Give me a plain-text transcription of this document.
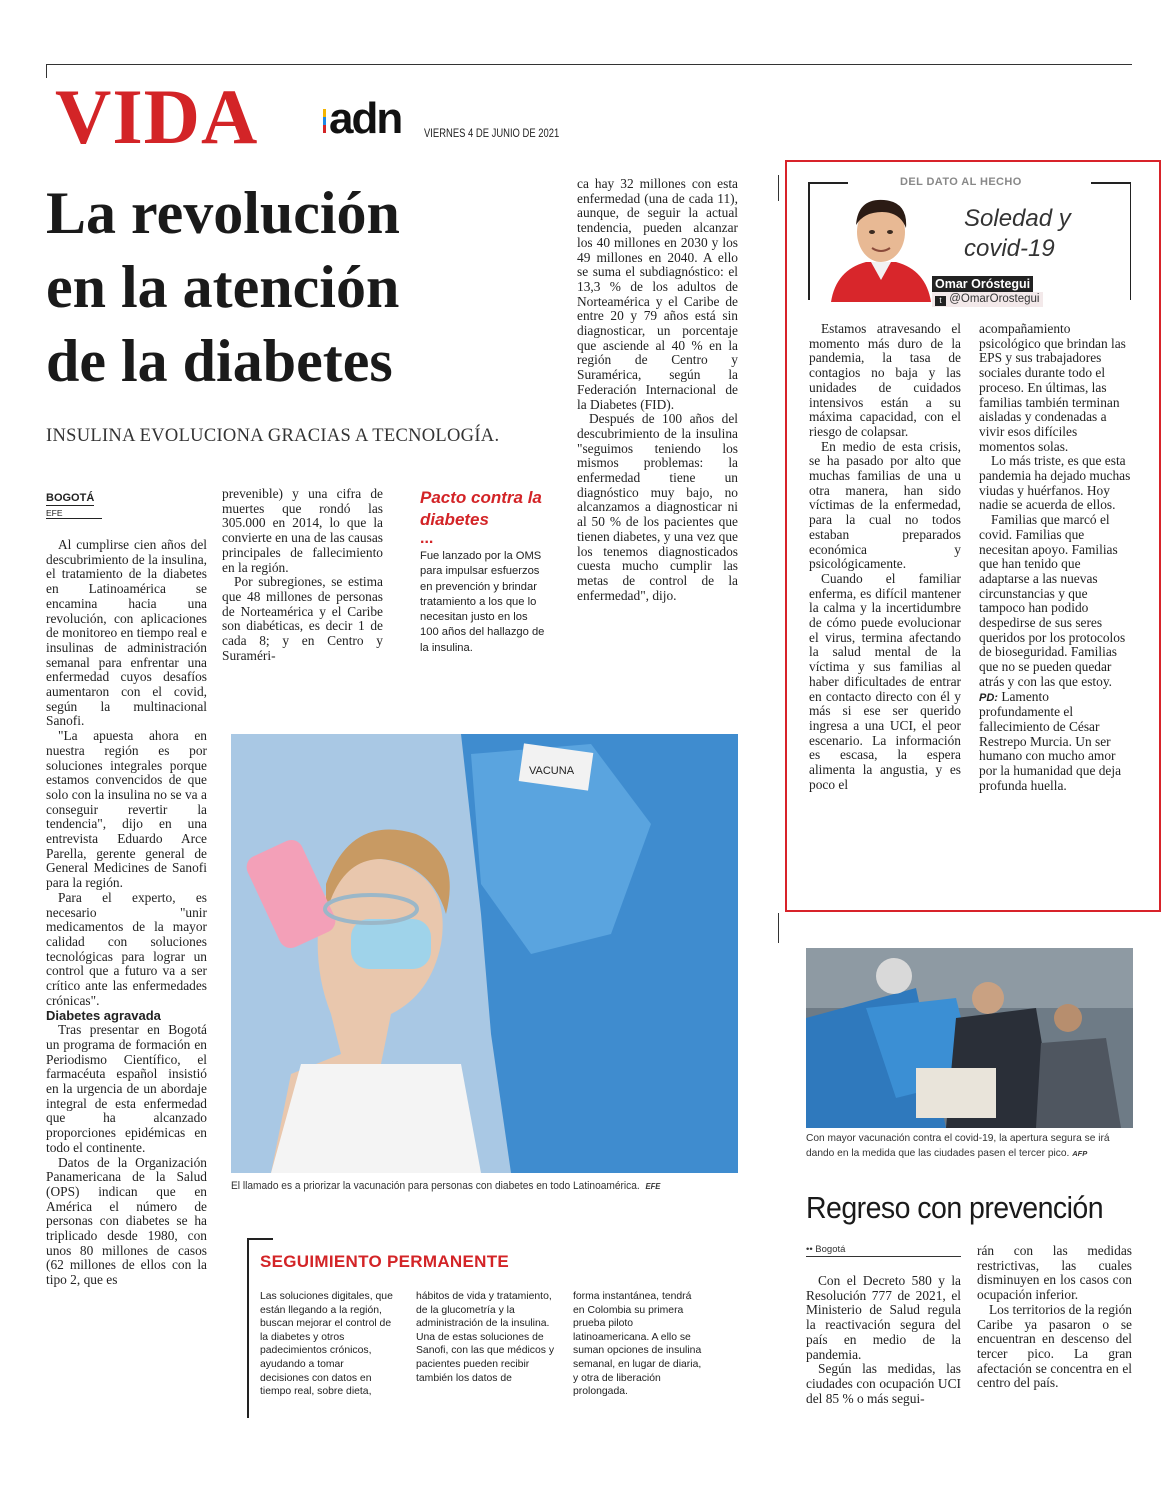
VIDA adn VIERNES 4 DE JUNIO DE 2021
La revolución
en la atención
de la diabetes
INSULINA EVOLUCIONA GRACIAS A TECNOLOGÍA.
BOGOTÁ
EFE

Al cumplirse cien años del descubrimiento de la insulina, el tratamiento de la diabetes en Latinoamérica se encamina hacia una revolución, con aplicaciones de monitoreo en tiempo real e insulinas de administración semanal para enfrentar una enfermedad cuyos desafíos aumentaron con el covid, según la multinacional Sanofi.

"La apuesta ahora en nuestra región es por soluciones integrales porque estamos convencidos de que solo con la insulina no se va a conseguir revertir la tendencia", dijo en una entrevista Eduardo Arce Parella, gerente general de General Medicines de Sanofi para la región.

Para el experto, es necesario "unir medicamentos de la mayor calidad con soluciones tecnológicas para lograr un control que a futuro va a ser crítico ante las enfermedades crónicas".

Diabetes agravada

Tras presentar en Bogotá un programa de formación en Periodismo Científico, el farmacéuta español insistió en la urgencia de un abordaje integral de esta enfermedad que ha alcanzado proporciones epidémicas en todo el continente.

Datos de la Organización Panamericana de la Salud (OPS) indican que en América el número de personas con diabetes se ha triplicado desde 1980, con unos 80 millones de casos (62 millones de ellos con la tipo 2, que es

prevenible) y una cifra de muertes que rondó las 305.000 en 2014, lo que la convierte en una de las causas principales de fallecimiento en la región.

Por subregiones, se estima que 48 millones de personas de Norteamérica y el Caribe son diabéticas, es decir 1 de cada 8; y en Centro y Suraméri-

Pacto contra la diabetes
...
Fue lanzado por la OMS para impulsar esfuerzos en prevención y brindar tratamiento a los que lo necesitan justo en los 100 años del hallazgo de la insulina.

ca hay 32 millones con esta enfermedad (una de cada 11), aunque, de seguir la actual tendencia, pueden alcanzar los 40 millones en 2030 y los 49 millones en 2040. A ello se suma el subdiagnóstico: el 13,3 % de los adultos de Norteamérica y el Caribe de entre 20 y 79 años está sin diagnosticar, un porcentaje que asciende al 40 % en la región de Centro y Suramérica, según la Federación Internacional de la Diabetes (FID).

Después de 100 años del descubrimiento de la insulina "seguimos teniendo los mismos problemas: la enfermedad tiene un diagnóstico muy bajo, no alcanzamos a diagnosticar ni al 50 % de los pacientes que tienen diabetes, y una vez que los tenemos diagnosticados cuesta mucho cumplir las metas de control de la enfermedad", dijo.

VACUNA
El llamado es a priorizar la vacunación para personas con diabetes en todo Latinoamérica. EFE
SEGUIMIENTO PERMANENTE
Las soluciones digitales, que están llegando a la región, buscan mejorar el control de la diabetes y otros padecimientos crónicos, ayudando a tomar decisiones con datos en tiempo real, sobre dieta,
hábitos de vida y tratamiento, de la glucometría y la administración de la insulina. Una de estas soluciones de Sanofi, con las que médicos y pacientes pueden recibir también los datos de
forma instantánea, tendrá en Colombia su primera prueba piloto latinoamericana. A ello se suman opciones de insulina semanal, en lugar de diaria, y otra de liberación prolongada.
DEL DATO AL HECHO
Soledad y
covid-19
Omar Oróstegui
t @OmarOrostegui

Estamos atravesando el momento más duro de la pandemia, la tasa de contagios no baja y las unidades de cuidados intensivos están a su máxima capacidad, con el riesgo de colapsar.

En medio de esta crisis, se ha pasado por alto que muchas familias de una u otra manera, han sido víctimas de la enfermedad, para la cual no todos estaban preparados económica y psicológicamente.

Cuando el familiar enferma, es difícil mantener la calma y la incertidumbre de cómo puede evolucionar el virus, termina afectando la salud mental de la víctima y sus familias al haber dificultades de entrar en contacto directo con él y más si ese ser querido ingresa a una UCI, el peor escenario. La información es escasa, la espera alimenta la angustia, y es poco el

acompañamiento psicológico que brindan las EPS y sus trabajadores sociales durante todo el proceso. En últimas, las familias también terminan aisladas y condenadas a vivir esos difíciles momentos solas.

Lo más triste, es que esta pandemia ha dejado muchas viudas y huérfanos. Hoy nadie se acuerda de ellos.

Familias que marcó el covid. Familias que necesitan apoyo. Familias que han tenido que adaptarse a las nuevas circunstancias y que tampoco han podido despedirse de sus seres queridos por los protocolos de bioseguridad. Familias que no se pueden quedar atrás y con las que estoy.

PD: Lamento profundamente el fallecimiento de César Restrepo Murcia. Un ser humano con mucho amor por la humanidad que deja profunda huella.

Con mayor vacunación contra el covid-19, la apertura segura se irá dando en la medida que las ciudades pasen el tercer pico. AFP
Regreso con prevención
•• Bogotá

Con el Decreto 580 y la Resolución 777 de 2021, el Ministerio de Salud regula la reactivación segura del país en medio de la pandemia.

Según las medidas, las ciudades con ocupación UCI del 85 % o más segui-

rán con las medidas restrictivas, las cuales disminuyen en los casos con ocupación inferior.

Los territorios de la región Caribe ya pasaron o se encuentran en descenso del tercer pico. La gran afectación se concentra en el centro del país.
